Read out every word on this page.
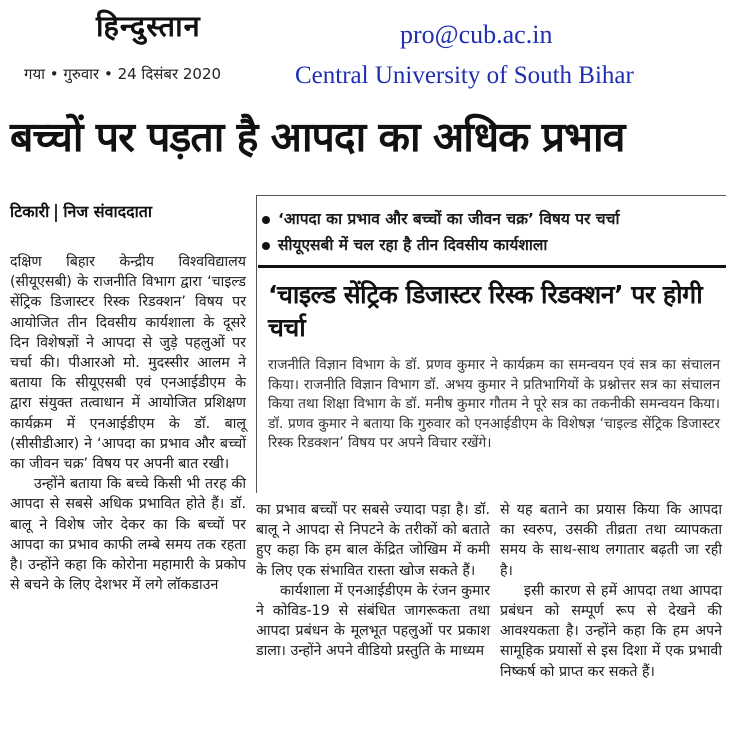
हिन्दुस्तान
गया • गुरुवार • 24 दिसंबर 2020
pro@cub.ac.in
Central University of South Bihar
बच्चों पर पड़ता है आपदा का अधिक प्रभाव
टिकारी निज संवाददाता

दक्षिण बिहार केन्द्रीय विश्वविद्यालय (सीयूएसबी) के राजनीति विभाग द्वारा ‘चाइल्ड सेंट्रिक डिजास्टर रिस्क रिडक्शन’ विषय पर आयोजित तीन दिवसीय कार्यशाला के दूसरे दिन विशेषज्ञों ने आपदा से जुड़े पहलुओं पर चर्चा की। पीआरओ मो. मुदस्सीर आलम ने बताया कि सीयूएसबी एवं एनआईडीएम के द्वारा संयुक्त तत्वाधान में आयोजित प्रशिक्षण कार्यक्रम में एनआईडीएम के डॉ. बालू (सीसीडीआर) ने ‘आपदा का प्रभाव और बच्चों का जीवन चक्र’ विषय पर अपनी बात रखी।

उन्होंने बताया कि बच्चे किसी भी तरह की आपदा से सबसे अधिक प्रभावित होते हैं। डॉ. बालू ने विशेष जोर देकर का कि बच्चों पर आपदा का प्रभाव काफी लम्बे समय तक रहता है। उन्होंने कहा कि कोरोना महामारी के प्रकोप से बचने के लिए देशभर में लगे लॉकडाउन

‘आपदा का प्रभाव और बच्चों का जीवन चक्र’ विषय पर चर्चा
सीयूएसबी में चल रहा है तीन दिवसीय कार्यशाला
‘चाइल्ड सेंट्रिक डिजास्टर रिस्क रिडक्शन’ पर होगी चर्चा
राजनीति विज्ञान विभाग के डॉ. प्रणव कुमार ने कार्यक्रम का समन्वयन एवं सत्र का संचालन किया। राजनीति विज्ञान विभाग डॉ. अभय कुमार ने प्रतिभागियों के प्रश्नोत्तर सत्र का संचालन किया तथा शिक्षा विभाग के डॉ. मनीष कुमार गौतम ने पूरे सत्र का तकनीकी समन्वयन किया। डॉ. प्रणव कुमार ने बताया कि गुरुवार को एनआईडीएम के विशेषज्ञ ‘चाइल्ड सेंट्रिक डिजास्टर रिस्क रिडक्शन’ विषय पर अपने विचार रखेंगे।

का प्रभाव बच्चों पर सबसे ज्यादा पड़ा है। डॉ. बालू ने आपदा से निपटने के तरीकों को बताते हुए कहा कि हम बाल केंद्रित जोखिम में कमी के लिए एक संभावित रास्ता खोज सकते हैं।

कार्यशाला में एनआईडीएम के रंजन कुमार ने कोविड-19 से संबंधित जागरूकता तथा आपदा प्रबंधन के मूलभूत पहलुओं पर प्रकाश डाला। उन्होंने अपने वीडियो प्रस्तुति के माध्यम

से यह बताने का प्रयास किया कि आपदा का स्वरुप, उसकी तीव्रता तथा व्यापकता समय के साथ-साथ लगातार बढ़ती जा रही है।

इसी कारण से हमें आपदा तथा आपदा प्रबंधन को सम्पूर्ण रूप से देखने की आवश्यकता है। उन्होंने कहा कि हम अपने सामूहिक प्रयासों से इस दिशा में एक प्रभावी निष्कर्ष को प्राप्त कर सकते हैं।
